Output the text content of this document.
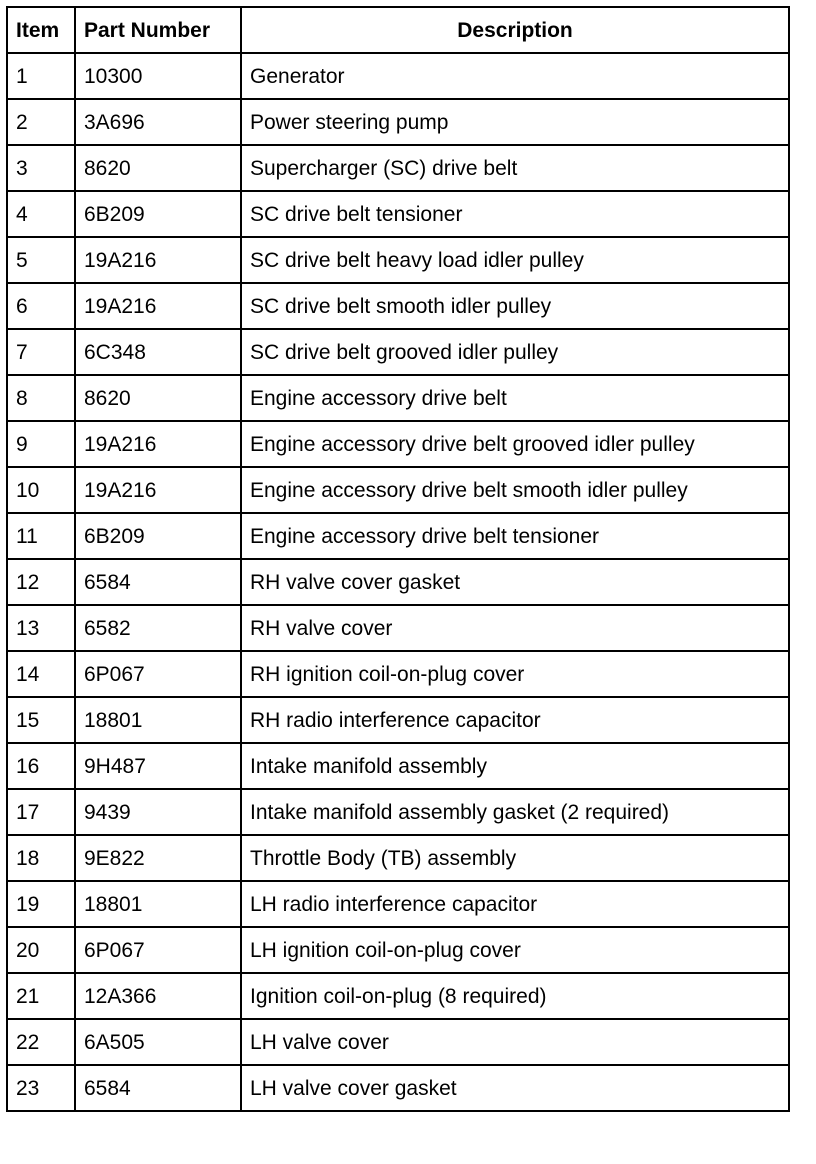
Item	Part Number	Description
1	10300	Generator
2	3A696	Power steering pump
3	8620	Supercharger (SC) drive belt
4	6B209	SC drive belt tensioner
5	19A216	SC drive belt heavy load idler pulley
6	19A216	SC drive belt smooth idler pulley
7	6C348	SC drive belt grooved idler pulley
8	8620	Engine accessory drive belt
9	19A216	Engine accessory drive belt grooved idler pulley
10	19A216	Engine accessory drive belt smooth idler pulley
11	6B209	Engine accessory drive belt tensioner
12	6584	RH valve cover gasket
13	6582	RH valve cover
14	6P067	RH ignition coil-on-plug cover
15	18801	RH radio interference capacitor
16	9H487	Intake manifold assembly
17	9439	Intake manifold assembly gasket (2 required)
18	9E822	Throttle Body (TB) assembly
19	18801	LH radio interference capacitor
20	6P067	LH ignition coil-on-plug cover
21	12A366	Ignition coil-on-plug (8 required)
22	6A505	LH valve cover
23	6584	LH valve cover gasket
